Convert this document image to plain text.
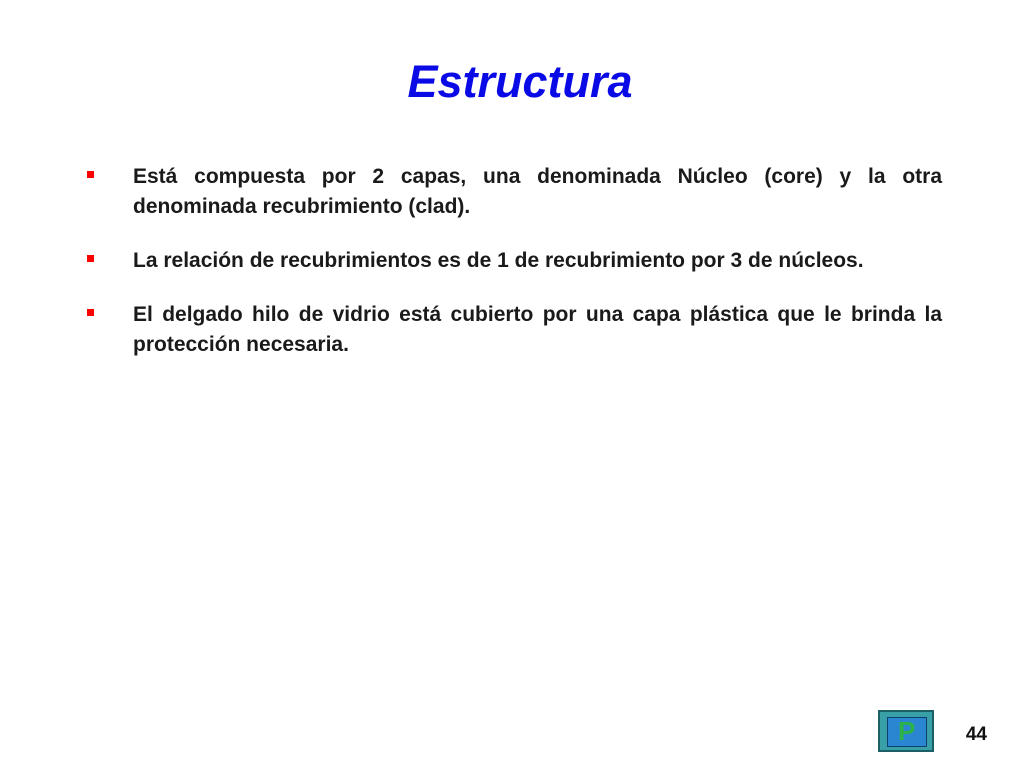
Estructura
Está compuesta por 2 capas, una denominada Núcleo (core) y la otra denominada recubrimiento (clad).
La relación de recubrimientos es de 1 de recubrimiento por 3 de núcleos.
El delgado hilo de vidrio está cubierto por una capa plástica que le brinda la protección necesaria.
P	44
